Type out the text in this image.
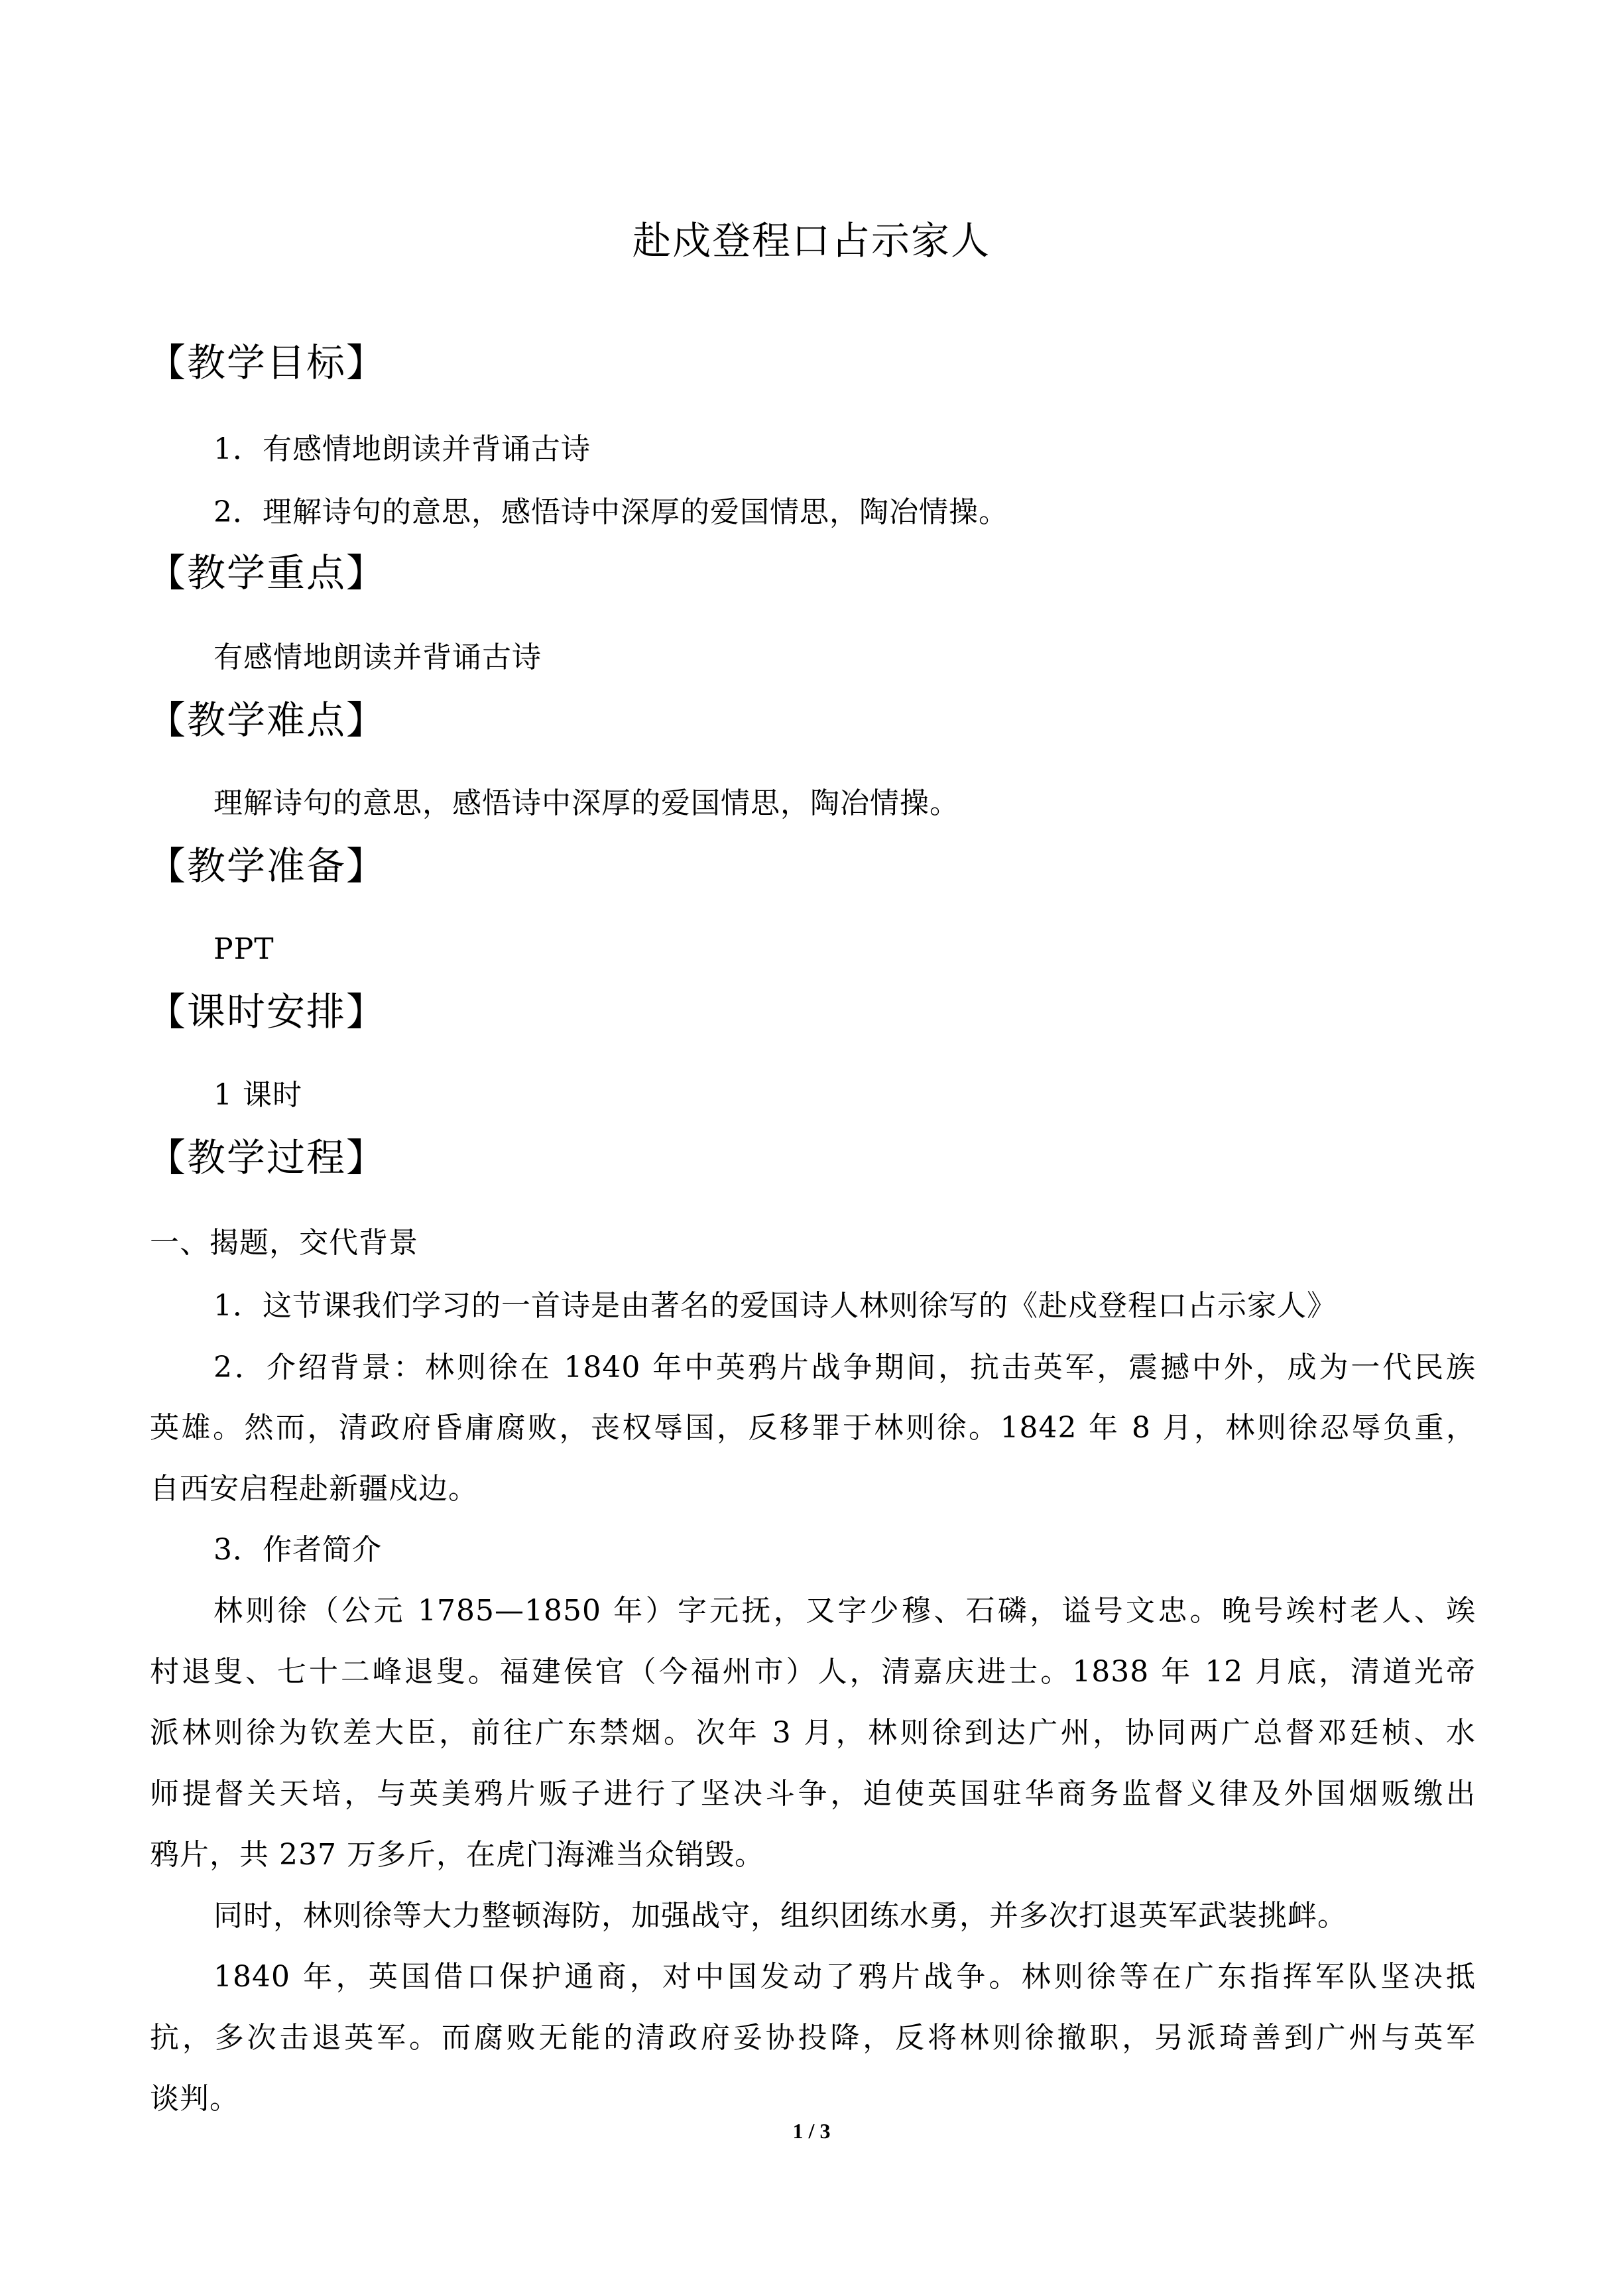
赴戍登程口占示家人
【教学目标】
1．有感情地朗读并背诵古诗
2．理解诗句的意思，感悟诗中深厚的爱国情思，陶冶情操。
【教学重点】
有感情地朗读并背诵古诗
【教学难点】
理解诗句的意思，感悟诗中深厚的爱国情思，陶冶情操。
【教学准备】
PPT
【课时安排】
1 课时
【教学过程】
一、揭题，交代背景
1．这节课我们学习的一首诗是由著名的爱国诗人林则徐写的《赴戍登程口占示家人》
2．介绍背景：林则徐在 1840 年中英鸦片战争期间，抗击英军，震撼中外，成为一代民族
英雄。然而，清政府昏庸腐败，丧权辱国，反移罪于林则徐。1842 年 8 月，林则徐忍辱负重，
自西安启程赴新疆戍边。
3．作者简介
林则徐（公元 1785—1850 年）字元抚，又字少穆、石磷，谥号文忠。晚号竢村老人、竢
村退叟、七十二峰退叟。福建侯官（今福州市）人，清嘉庆进士。1838 年 12 月底，清道光帝
派林则徐为钦差大臣，前往广东禁烟。次年 3 月，林则徐到达广州，协同两广总督邓廷桢、水
师提督关天培，与英美鸦片贩子进行了坚决斗争，迫使英国驻华商务监督义律及外国烟贩缴出
鸦片，共 237 万多斤，在虎门海滩当众销毁。
同时，林则徐等大力整顿海防，加强战守，组织团练水勇，并多次打退英军武装挑衅。
1840 年，英国借口保护通商，对中国发动了鸦片战争。林则徐等在广东指挥军队坚决抵
抗，多次击退英军。而腐败无能的清政府妥协投降，反将林则徐撤职，另派琦善到广州与英军
谈判。
1 / 3
